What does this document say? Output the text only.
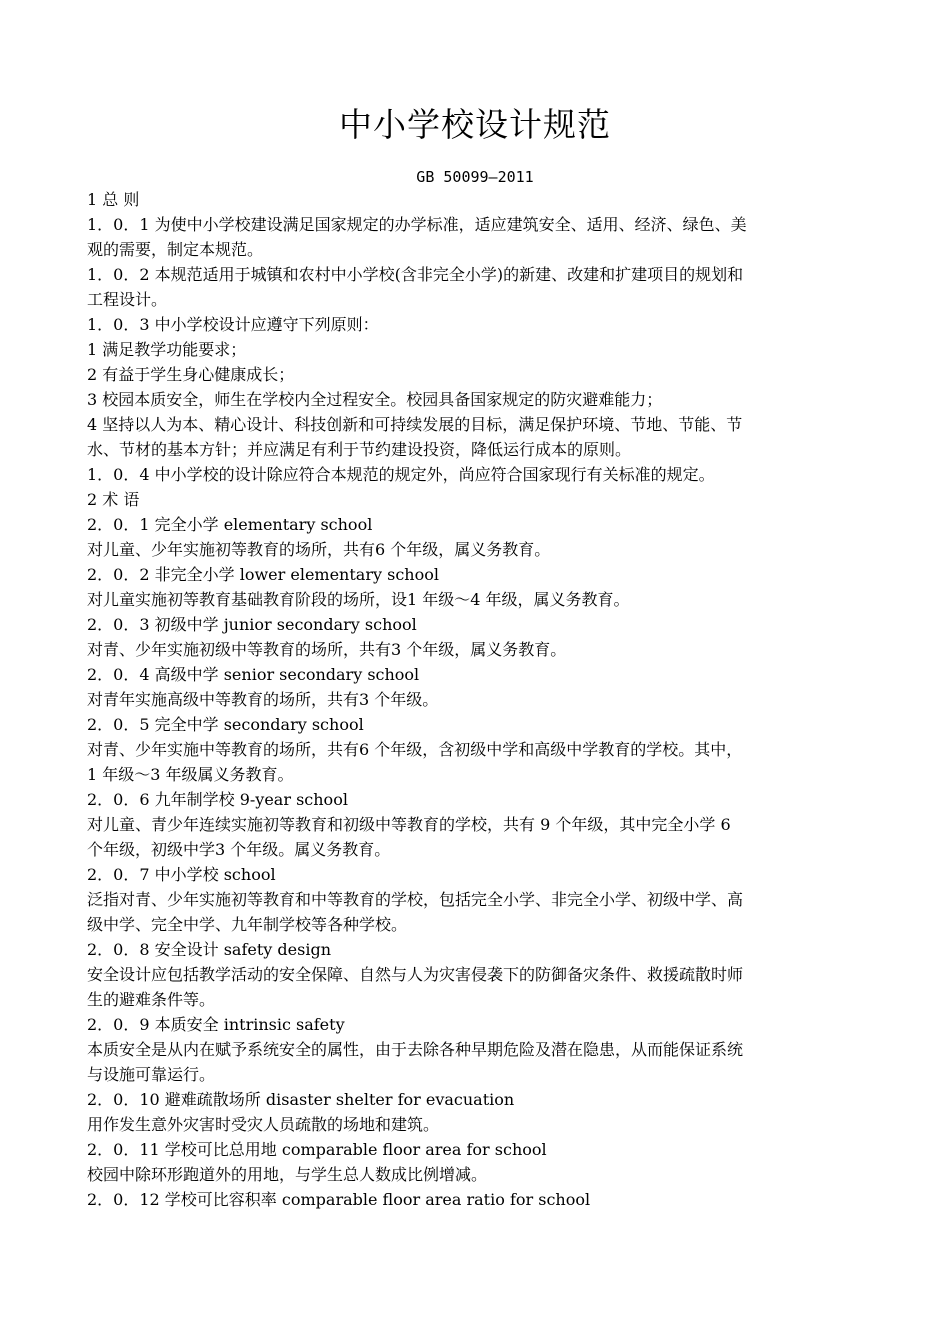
中小学校设计规范
GB 50099—2011
1 总 则
1．0．1 为使中小学校建设满足国家规定的办学标准，适应建筑安全、适用、经济、绿色、美
观的需要，制定本规范。
1．0．2 本规范适用于城镇和农村中小学校(含非完全小学)的新建、改建和扩建项目的规划和
工程设计。
1．0．3 中小学校设计应遵守下列原则：
1 满足教学功能要求；
2 有益于学生身心健康成长；
3 校园本质安全，师生在学校内全过程安全。校园具备国家规定的防灾避难能力；
4 坚持以人为本、精心设计、科技创新和可持续发展的目标，满足保护环境、节地、节能、节
水、节材的基本方针；并应满足有利于节约建设投资，降低运行成本的原则。
1．0．4 中小学校的设计除应符合本规范的规定外，尚应符合国家现行有关标准的规定。
2 术 语
2．0．1 完全小学 elementary school
对儿童、少年实施初等教育的场所，共有6 个年级，属义务教育。
2．0．2 非完全小学 lower elementary school
对儿童实施初等教育基础教育阶段的场所，设1 年级～4 年级，属义务教育。
2．0．3 初级中学 junior secondary school
对青、少年实施初级中等教育的场所，共有3 个年级，属义务教育。
2．0．4 高级中学 senior secondary school
对青年实施高级中等教育的场所，共有3 个年级。
2．0．5 完全中学 secondary school
对青、少年实施中等教育的场所，共有6 个年级，含初级中学和高级中学教育的学校。其中，
1 年级～3 年级属义务教育。
2．0．6 九年制学校 9-year school
对儿童、青少年连续实施初等教育和初级中等教育的学校，共有 9 个年级，其中完全小学 6
个年级，初级中学3 个年级。属义务教育。
2．0．7 中小学校 school
泛指对青、少年实施初等教育和中等教育的学校，包括完全小学、非完全小学、初级中学、高
级中学、完全中学、九年制学校等各种学校。
2．0．8 安全设计 safety design
安全设计应包括教学活动的安全保障、自然与人为灾害侵袭下的防御备灾条件、救援疏散时师
生的避难条件等。
2．0．9 本质安全 intrinsic safety
本质安全是从内在赋予系统安全的属性，由于去除各种早期危险及潜在隐患，从而能保证系统
与设施可靠运行。
2．0．10 避难疏散场所 disaster shelter for evacuation
用作发生意外灾害时受灾人员疏散的场地和建筑。
2．0．11 学校可比总用地 comparable floor area for school
校园中除环形跑道外的用地，与学生总人数成比例增减。
2．0．12 学校可比容积率 comparable floor area ratio for school
